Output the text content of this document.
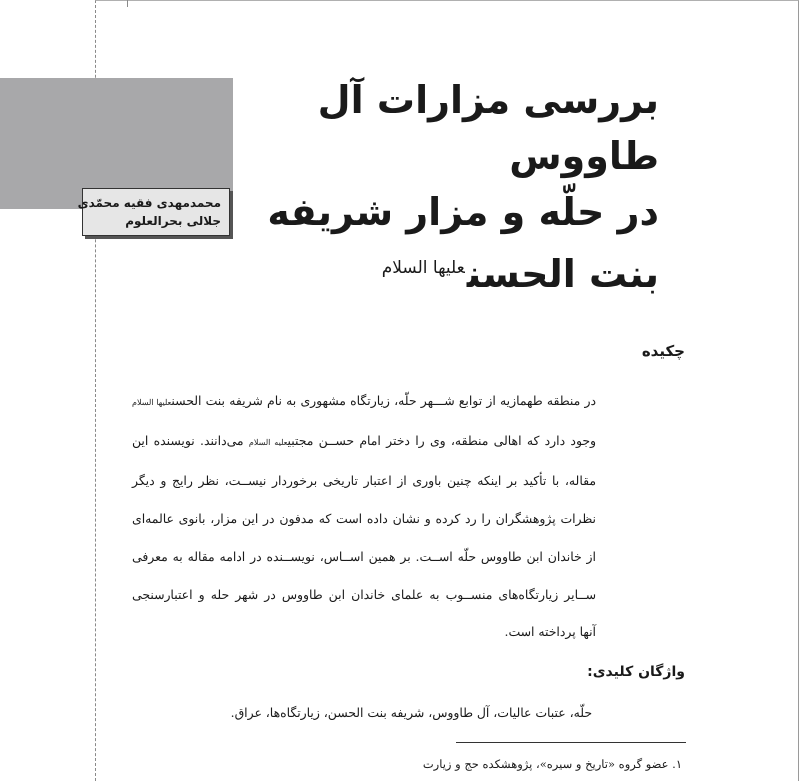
بررسی مزارات آل طاووس
در حلّه و مزار شریفه
بنت الحسن$^{علیها السلام}$
محمدمهدی فقیه محمّدی
جلالی بحرالعلوم
چکیده

در منطقه طهمازیه از توابع شـــهر حلّه، زیارتگاه مشهوری به نام شریفه بنت الحسنعلیها السلام
وجود دارد که اهالی منطقه، وی را دختر امام حســن مجتبیعلیه السلام می‌دانند. نویسنده این
مقاله، با تأکید بر اینکه چنین باوری از اعتبار تاریخی برخوردار نیســت، نظر رایج و دیگر
نظرات پژوهشگران را رد کرده و نشان داده است که مدفون در این مزار، بانوی عالمه‌ای
از خاندان ابن طاووس حلّه اســت. بر همین اســاس، نویســنده در ادامه مقاله به معرفی
ســایر زیارتگاه‌های منســوب به علمای خاندان ابن طاووس در شهر حله و اعتبارسنجی
آنها پرداخته است.

واژگان کلیدی:
حلّه، عتبات عالیات، آل طاووس، شریفه بنت الحسن، زیارتگاه‌ها، عراق.
۱. عضو گروه «تاریخ و سیره»، پژوهشکده حج و زیارت
